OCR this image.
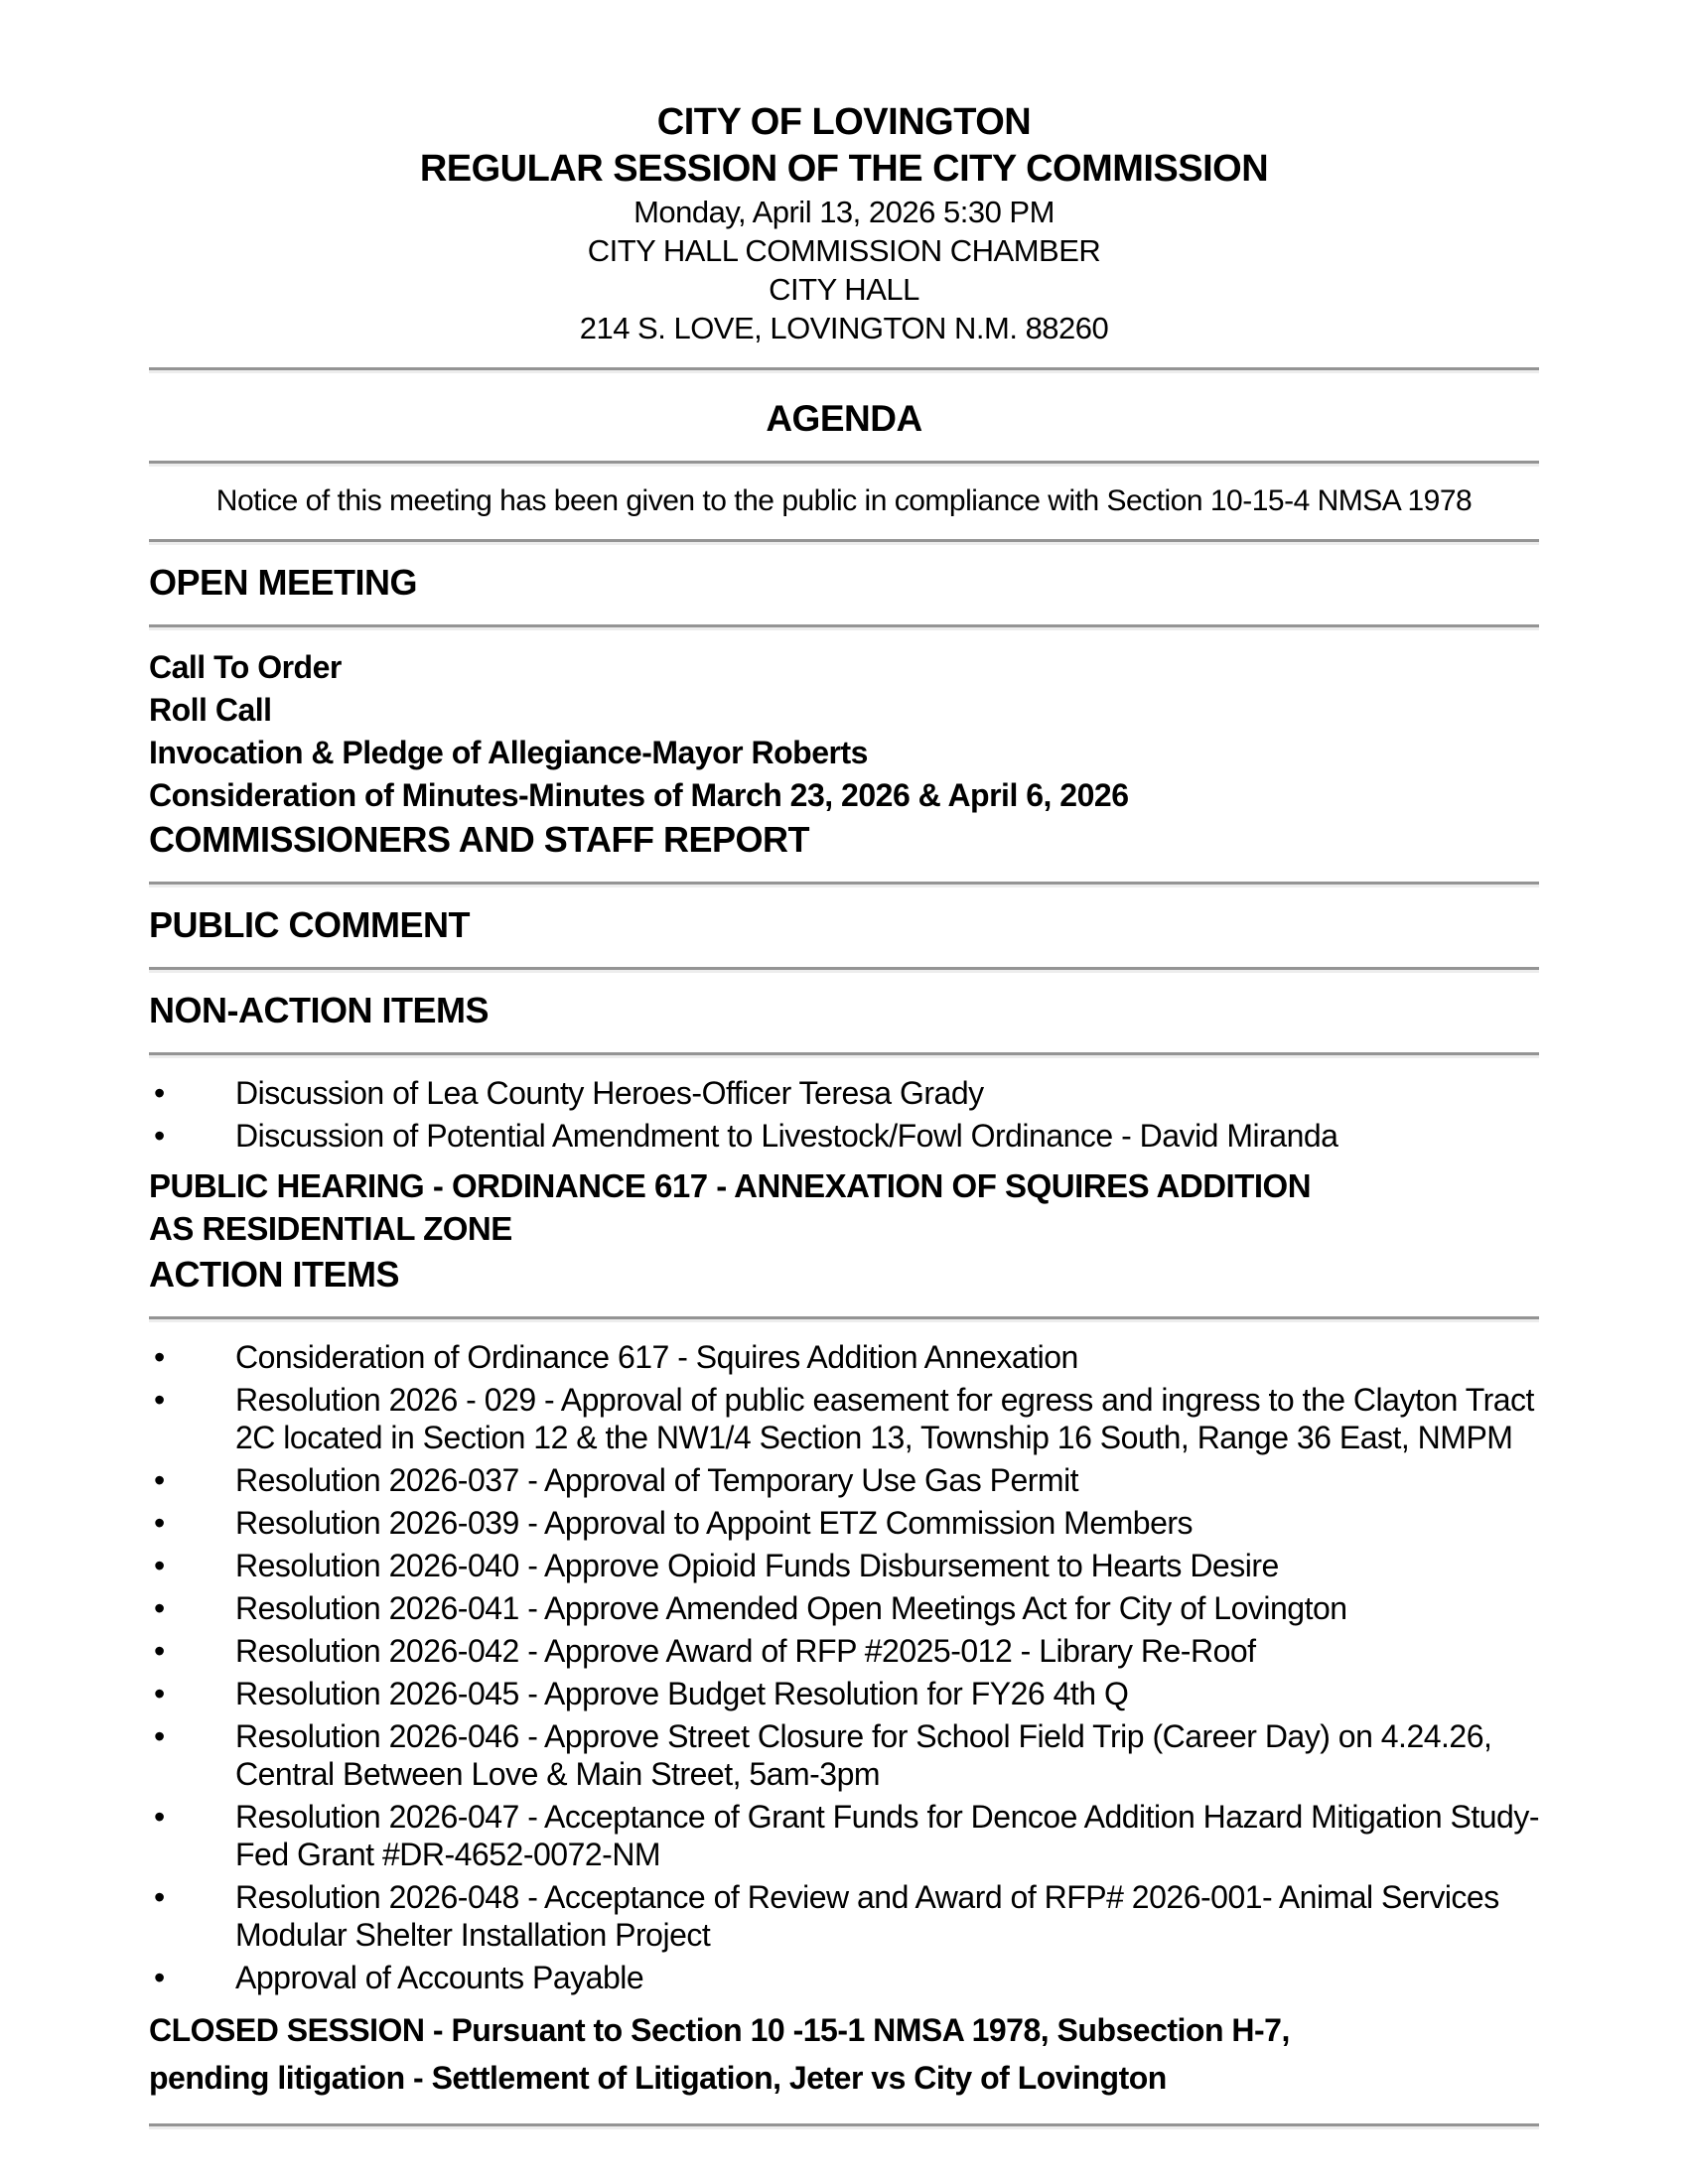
CITY OF LOVINGTON
REGULAR SESSION OF THE CITY COMMISSION
Monday, April 13, 2026 5:30 PM
CITY HALL COMMISSION CHAMBER
CITY HALL
214 S. LOVE, LOVINGTON N.M. 88260
AGENDA
Notice of this meeting has been given to the public in compliance with Section 10-15-4 NMSA 1978
OPEN MEETING
Call To Order
Roll Call
Invocation & Pledge of Allegiance-Mayor Roberts
Consideration of Minutes-Minutes of March 23, 2026 & April 6, 2026
COMMISSIONERS AND STAFF REPORT
PUBLIC COMMENT
NON-ACTION ITEMS
• Discussion of Lea County Heroes-Officer Teresa Grady
• Discussion of Potential Amendment to Livestock/Fowl Ordinance - David Miranda
PUBLIC HEARING - ORDINANCE 617 - ANNEXATION OF SQUIRES ADDITION
AS RESIDENTIAL ZONE
ACTION ITEMS
• Consideration of Ordinance 617 - Squires Addition Annexation
• Resolution 2026 - 029 - Approval of public easement for egress and ingress to the Clayton Tract 2C located in Section 12 & the NW1/4 Section 13, Township 16 South, Range 36 East, NMPM
• Resolution 2026-037 - Approval of Temporary Use Gas Permit
• Resolution 2026-039 - Approval to Appoint ETZ Commission Members
• Resolution 2026-040 - Approve Opioid Funds Disbursement to Hearts Desire
• Resolution 2026-041 - Approve Amended Open Meetings Act for City of Lovington
• Resolution 2026-042 - Approve Award of RFP #2025-012 - Library Re-Roof
• Resolution 2026-045 - Approve Budget Resolution for FY26 4th Q
• Resolution 2026-046 - Approve Street Closure for School Field Trip (Career Day) on 4.24.26, Central Between Love & Main Street, 5am-3pm
• Resolution 2026-047 - Acceptance of Grant Funds for Dencoe Addition Hazard Mitigation Study-Fed Grant #DR-4652-0072-NM
• Resolution 2026-048 - Acceptance of Review and Award of RFP# 2026-001- Animal Services Modular Shelter Installation Project
• Approval of Accounts Payable
CLOSED SESSION - Pursuant to Section 10 -15-1 NMSA 1978, Subsection H-7,
pending litigation - Settlement of Litigation, Jeter vs City of Lovington
